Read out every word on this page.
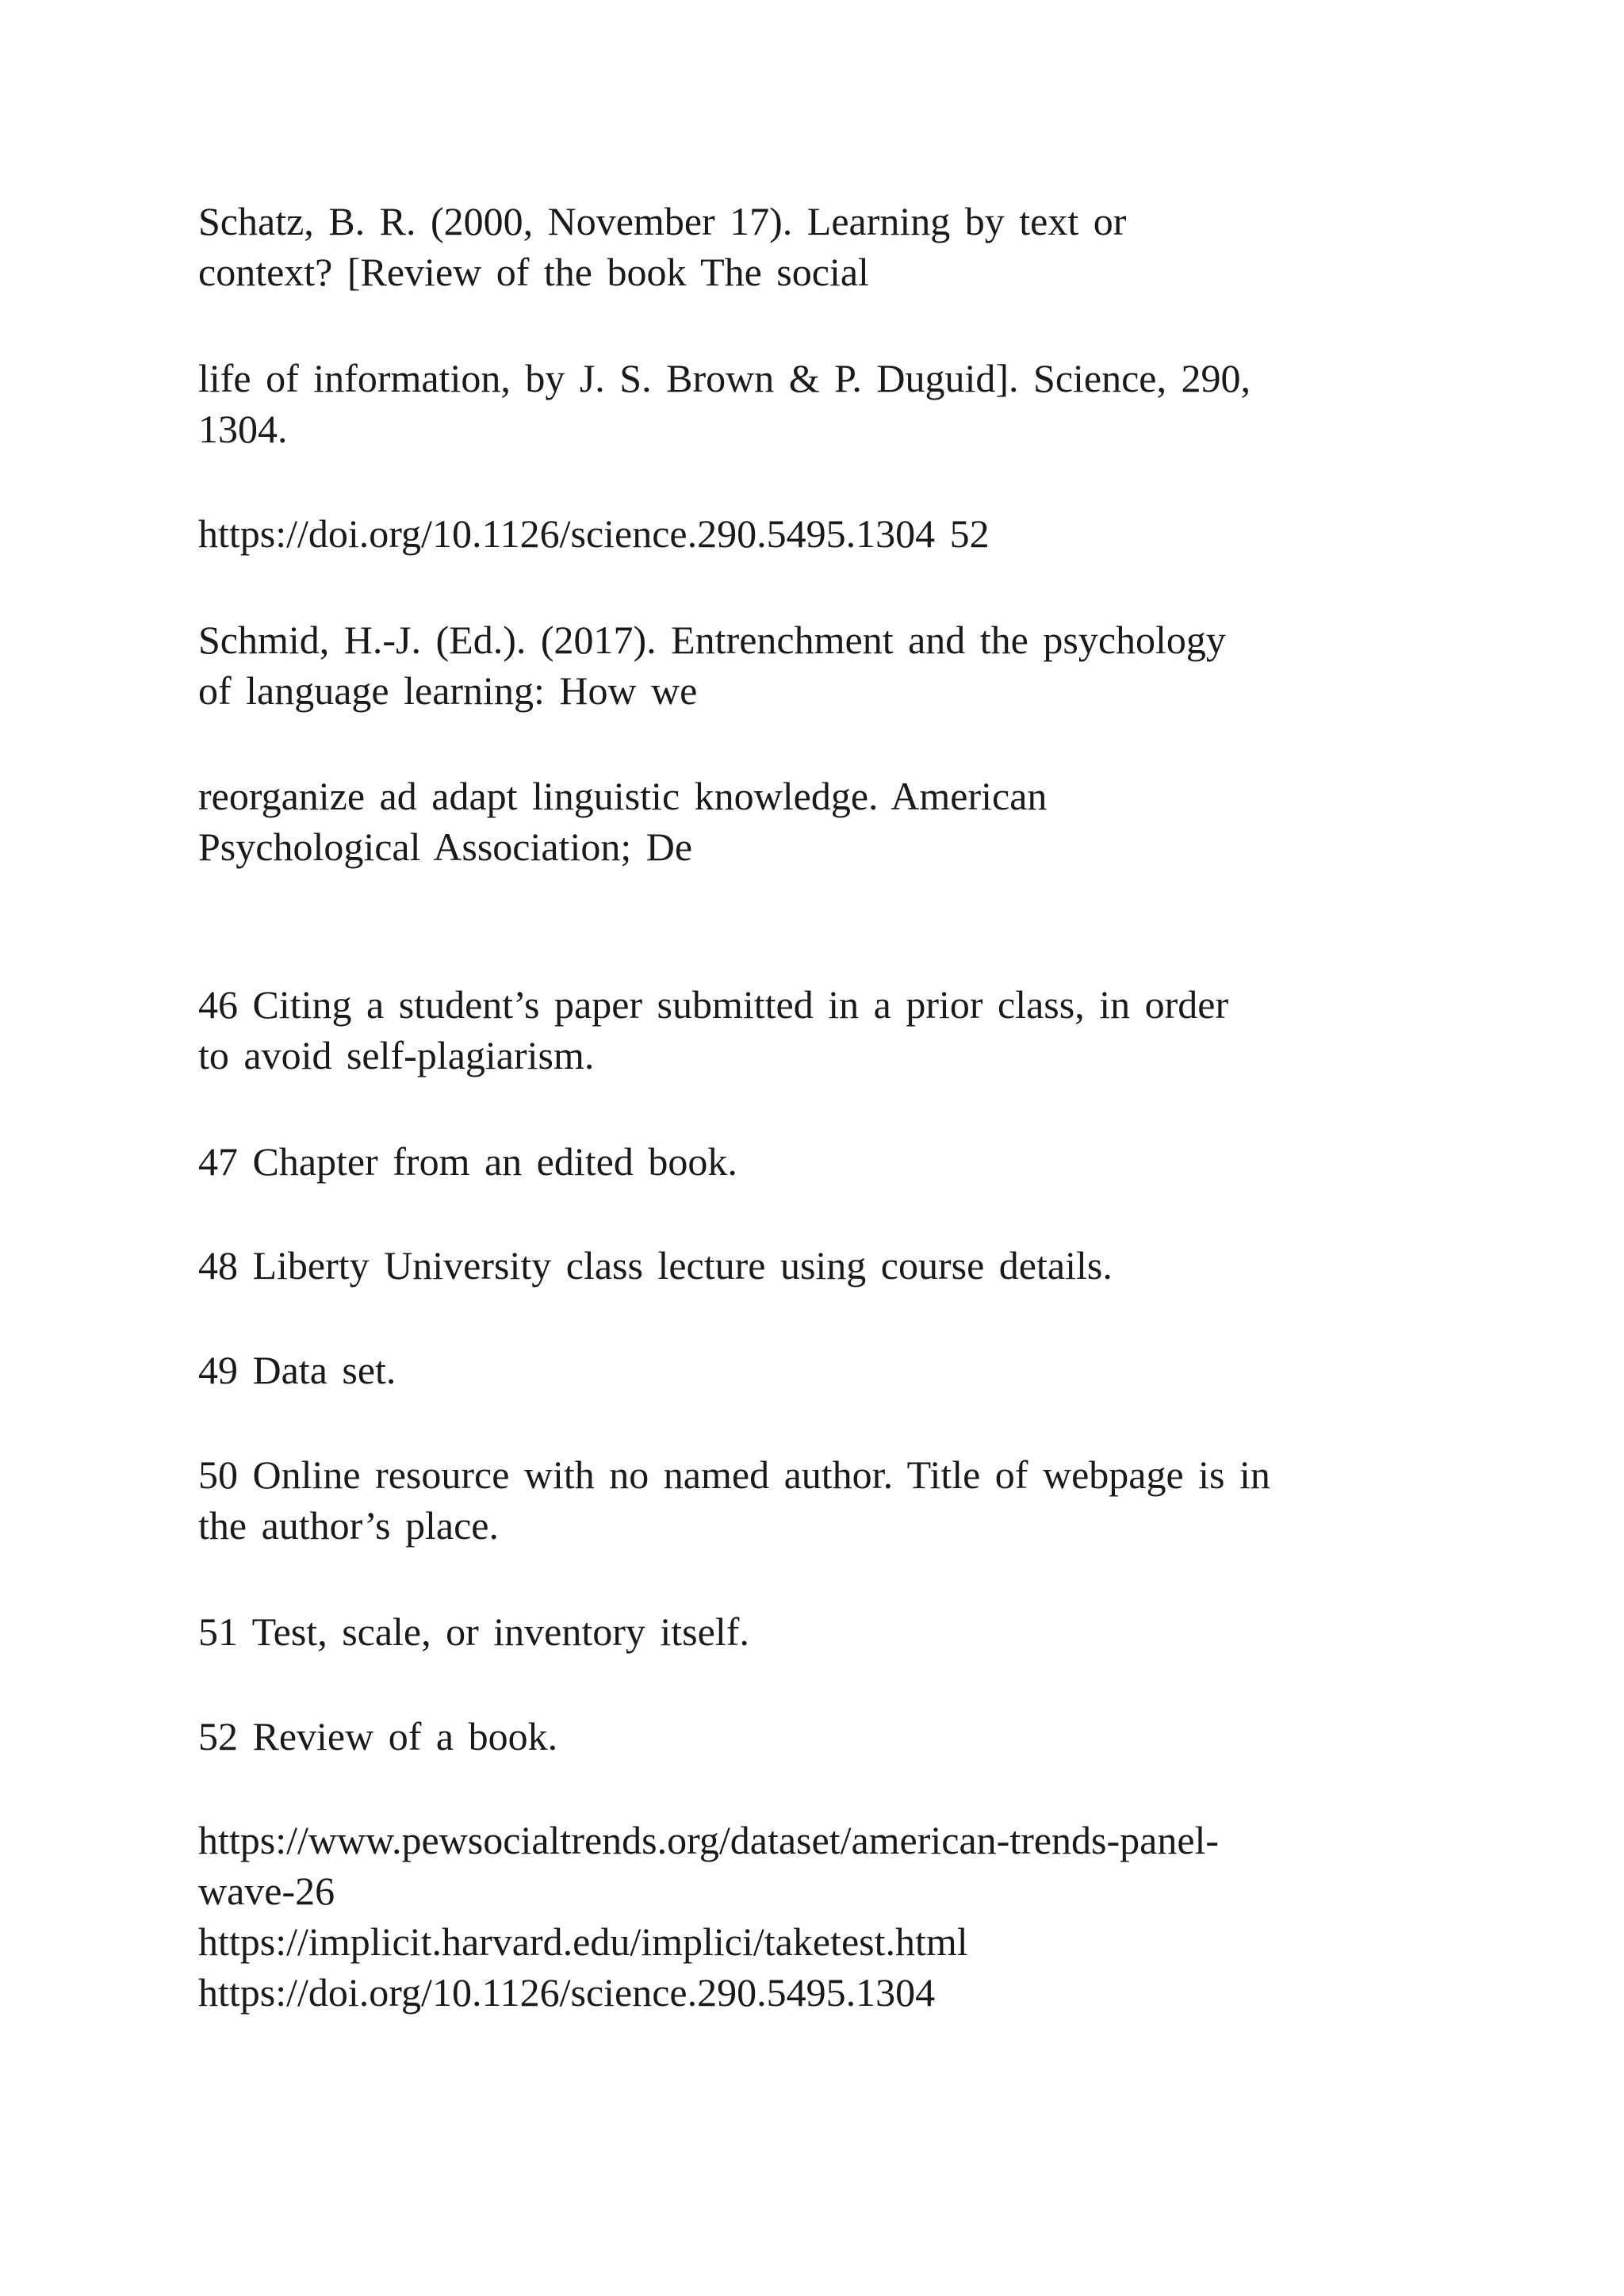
Schatz, B. R. (2000, November 17). Learning by text or
context? [Review of the book The social

life of information, by J. S. Brown & P. Duguid]. Science, 290,
1304.

https://doi.org/10.1126/science.290.5495.1304 52

Schmid, H.-J. (Ed.). (2017). Entrenchment and the psychology
of language learning: How we

reorganize ad adapt linguistic knowledge. American
Psychological Association; De

46 Citing a student’s paper submitted in a prior class, in order
to avoid self-plagiarism.

47 Chapter from an edited book.

48 Liberty University class lecture using course details.

49 Data set.

50 Online resource with no named author. Title of webpage is in
the author’s place.

51 Test, scale, or inventory itself.

52 Review of a book.

https://www.pewsocialtrends.org/dataset/american-trends-panel-
wave-26
https://implicit.harvard.edu/implici/taketest.html
https://doi.org/10.1126/science.290.5495.1304
